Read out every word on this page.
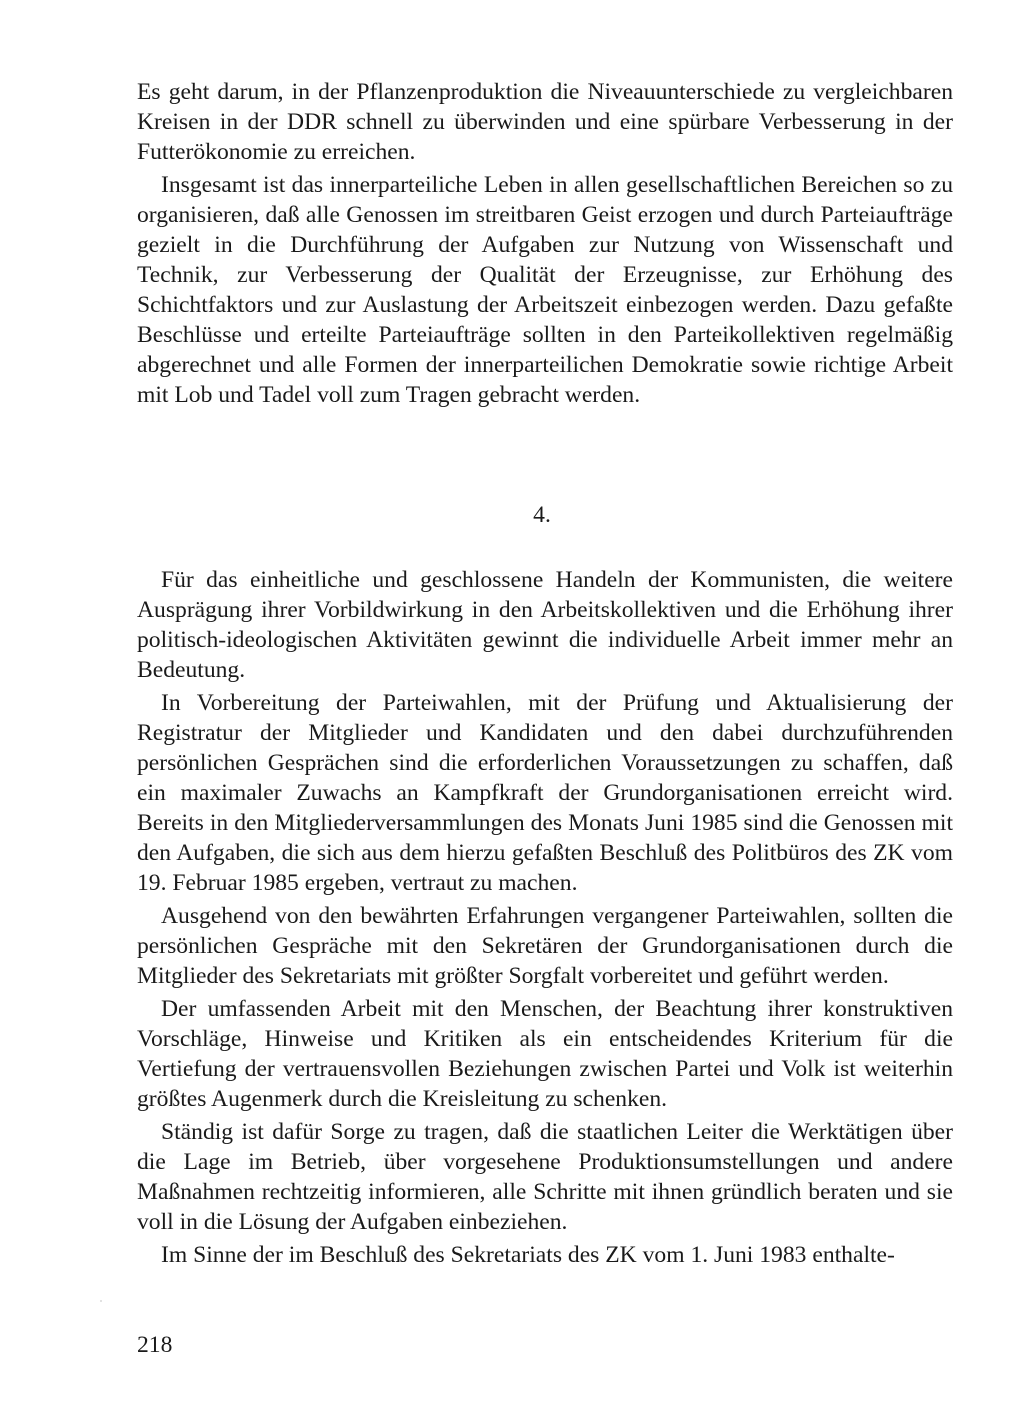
Es geht darum, in der Pflanzenproduktion die Niveauunterschiede zu vergleichbaren Kreisen in der DDR schnell zu überwinden und eine spürbare Verbesserung in der Futterökonomie zu erreichen.

Insgesamt ist das innerparteiliche Leben in allen gesellschaftlichen Bereichen so zu organisieren, daß alle Genossen im streitbaren Geist erzogen und durch Parteiaufträge gezielt in die Durchführung der Aufgaben zur Nutzung von Wissenschaft und Technik, zur Verbesserung der Qualität der Erzeugnisse, zur Erhöhung des Schichtfaktors und zur Auslastung der Arbeitszeit einbezogen werden. Dazu gefaßte Beschlüsse und erteilte Parteiaufträge sollten in den Parteikollektiven regelmäßig abgerechnet und alle Formen der innerparteilichen Demokratie sowie richtige Arbeit mit Lob und Tadel voll zum Tragen gebracht werden.

4.

Für das einheitliche und geschlossene Handeln der Kommunisten, die weitere Ausprägung ihrer Vorbildwirkung in den Arbeitskollektiven und die Erhöhung ihrer politisch-ideologischen Aktivitäten gewinnt die individuelle Arbeit immer mehr an Bedeutung.

In Vorbereitung der Parteiwahlen, mit der Prüfung und Aktualisierung der Registratur der Mitglieder und Kandidaten und den dabei durchzuführenden persönlichen Gesprächen sind die erforderlichen Voraussetzungen zu schaffen, daß ein maximaler Zuwachs an Kampfkraft der Grundorganisationen erreicht wird. Bereits in den Mitgliederversammlungen des Monats Juni 1985 sind die Genossen mit den Aufgaben, die sich aus dem hierzu gefaßten Beschluß des Politbüros des ZK vom 19. Februar 1985 ergeben, vertraut zu machen.

Ausgehend von den bewährten Erfahrungen vergangener Parteiwahlen, sollten die persönlichen Gespräche mit den Sekretären der Grundorganisationen durch die Mitglieder des Sekretariats mit größter Sorgfalt vorbereitet und geführt werden.

Der umfassenden Arbeit mit den Menschen, der Beachtung ihrer konstruktiven Vorschläge, Hinweise und Kritiken als ein entscheidendes Kriterium für die Vertiefung der vertrauensvollen Beziehungen zwischen Partei und Volk ist weiterhin größtes Augenmerk durch die Kreisleitung zu schenken.

Ständig ist dafür Sorge zu tragen, daß die staatlichen Leiter die Werktätigen über die Lage im Betrieb, über vorgesehene Produktionsumstellungen und andere Maßnahmen rechtzeitig informieren, alle Schritte mit ihnen gründlich beraten und sie voll in die Lösung der Aufgaben einbeziehen.

Im Sinne der im Beschluß des Sekretariats des ZK vom 1. Juni 1983 enthalte-

218
